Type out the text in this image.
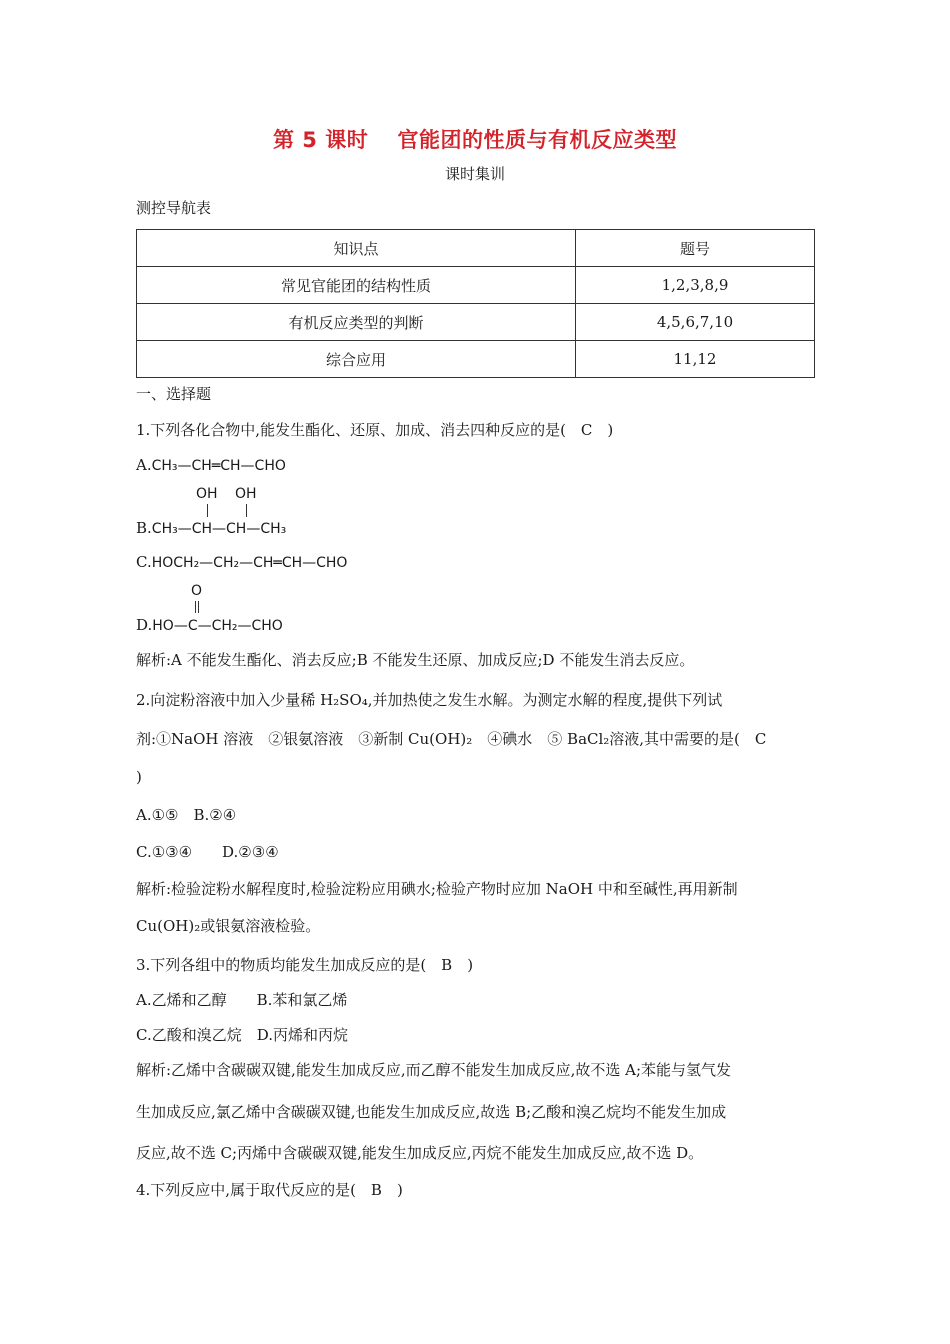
第 5 课时　 官能团的性质与有机反应类型
课时集训
测控导航表
知识点	题号
常见官能团的结构性质	1,2,3,8,9
有机反应类型的判断	4,5,6,7,10
综合应用	11,12
一、选择题
1.下列各化合物中,能发生酯化、还原、加成、消去四种反应的是(　C　)
A.CH₃—CH═CH—CHO
OH OH
B.CH₃—CH—CH—CH₃
C.HOCH₂—CH₂—CH═CH—CHO
O
D.HO—C—CH₂—CHO
解析:A 不能发生酯化、消去反应;B 不能发生还原、加成反应;D 不能发生消去反应。
2.向淀粉溶液中加入少量稀 H₂SO₄,并加热使之发生水解。为测定水解的程度,提供下列试
剂:①NaOH 溶液　②银氨溶液　③新制 Cu(OH)₂　④碘水　⑤ BaCl₂溶液,其中需要的是(　C
)
A.①⑤　B.②④
C.①③④　　D.②③④
解析:检验淀粉水解程度时,检验淀粉应用碘水;检验产物时应加 NaOH 中和至碱性,再用新制
Cu(OH)₂或银氨溶液检验。
3.下列各组中的物质均能发生加成反应的是(　B　)
A.乙烯和乙醇　　B.苯和氯乙烯
C.乙酸和溴乙烷　D.丙烯和丙烷
解析:乙烯中含碳碳双键,能发生加成反应,而乙醇不能发生加成反应,故不选 A;苯能与氢气发
生加成反应,氯乙烯中含碳碳双键,也能发生加成反应,故选 B;乙酸和溴乙烷均不能发生加成
反应,故不选 C;丙烯中含碳碳双键,能发生加成反应,丙烷不能发生加成反应,故不选 D。
4.下列反应中,属于取代反应的是(　B　)
